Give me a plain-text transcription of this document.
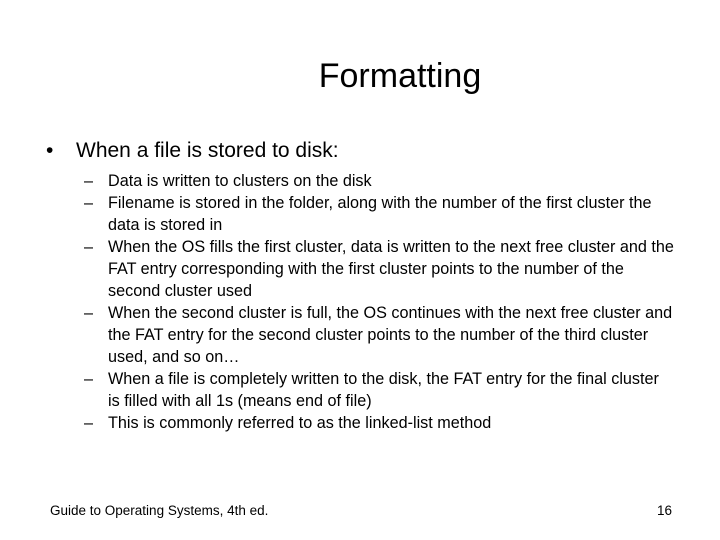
Formatting
•	When a file is stored to disk:
– Data is written to clusters on the disk
– Filename is stored in the folder, along with the number of the first cluster the data is stored in
– When the OS fills the first cluster, data is written to the next free cluster and the FAT entry corresponding with the first cluster points to the number of the second cluster used
– When the second cluster is full, the OS continues with the next free cluster and the FAT entry for the second cluster points to the number of the third cluster used, and so on…
– When a file is completely written to the disk, the FAT entry for the final cluster is filled with all 1s (means end of file)
– This is commonly referred to as the linked-list method
Guide to Operating Systems, 4th ed.	16
